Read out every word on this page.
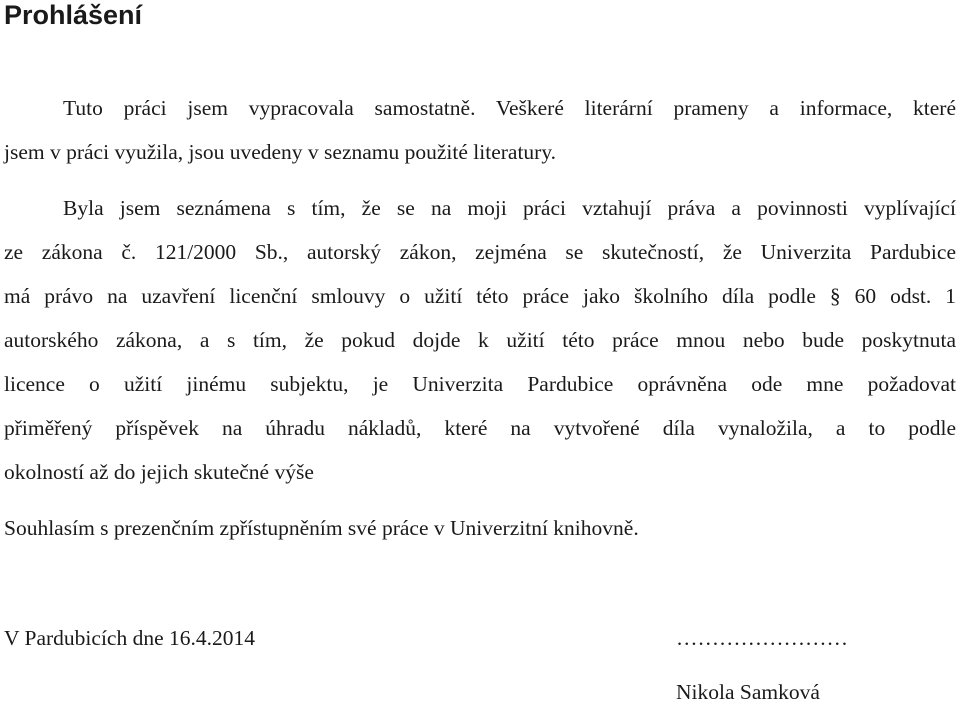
Prohlášení
Tuto práci jsem vypracovala samostatně. Veškeré literární prameny a informace, které
jsem v práci využila, jsou uvedeny v seznamu použité literatury.
Byla jsem seznámena s tím, že se na moji práci vztahují práva a povinnosti vyplívající
ze zákona č. 121/2000 Sb., autorský zákon, zejména se skutečností, že Univerzita Pardubice
má právo na uzavření licenční smlouvy o užití této práce jako školního díla podle § 60 odst. 1
autorského zákona, a s tím, že pokud dojde k užití této práce mnou nebo bude poskytnuta
licence o užití jinému subjektu, je Univerzita Pardubice oprávněna ode mne požadovat
přiměřený příspěvek na úhradu nákladů, které na vytvořené díla vynaložila, a to podle
okolností až do jejich skutečné výše
Souhlasím s prezenčním zpřístupněním své práce v Univerzitní knihovně.
V Pardubicích dne 16.4.2014	……………………
Nikola Samková
